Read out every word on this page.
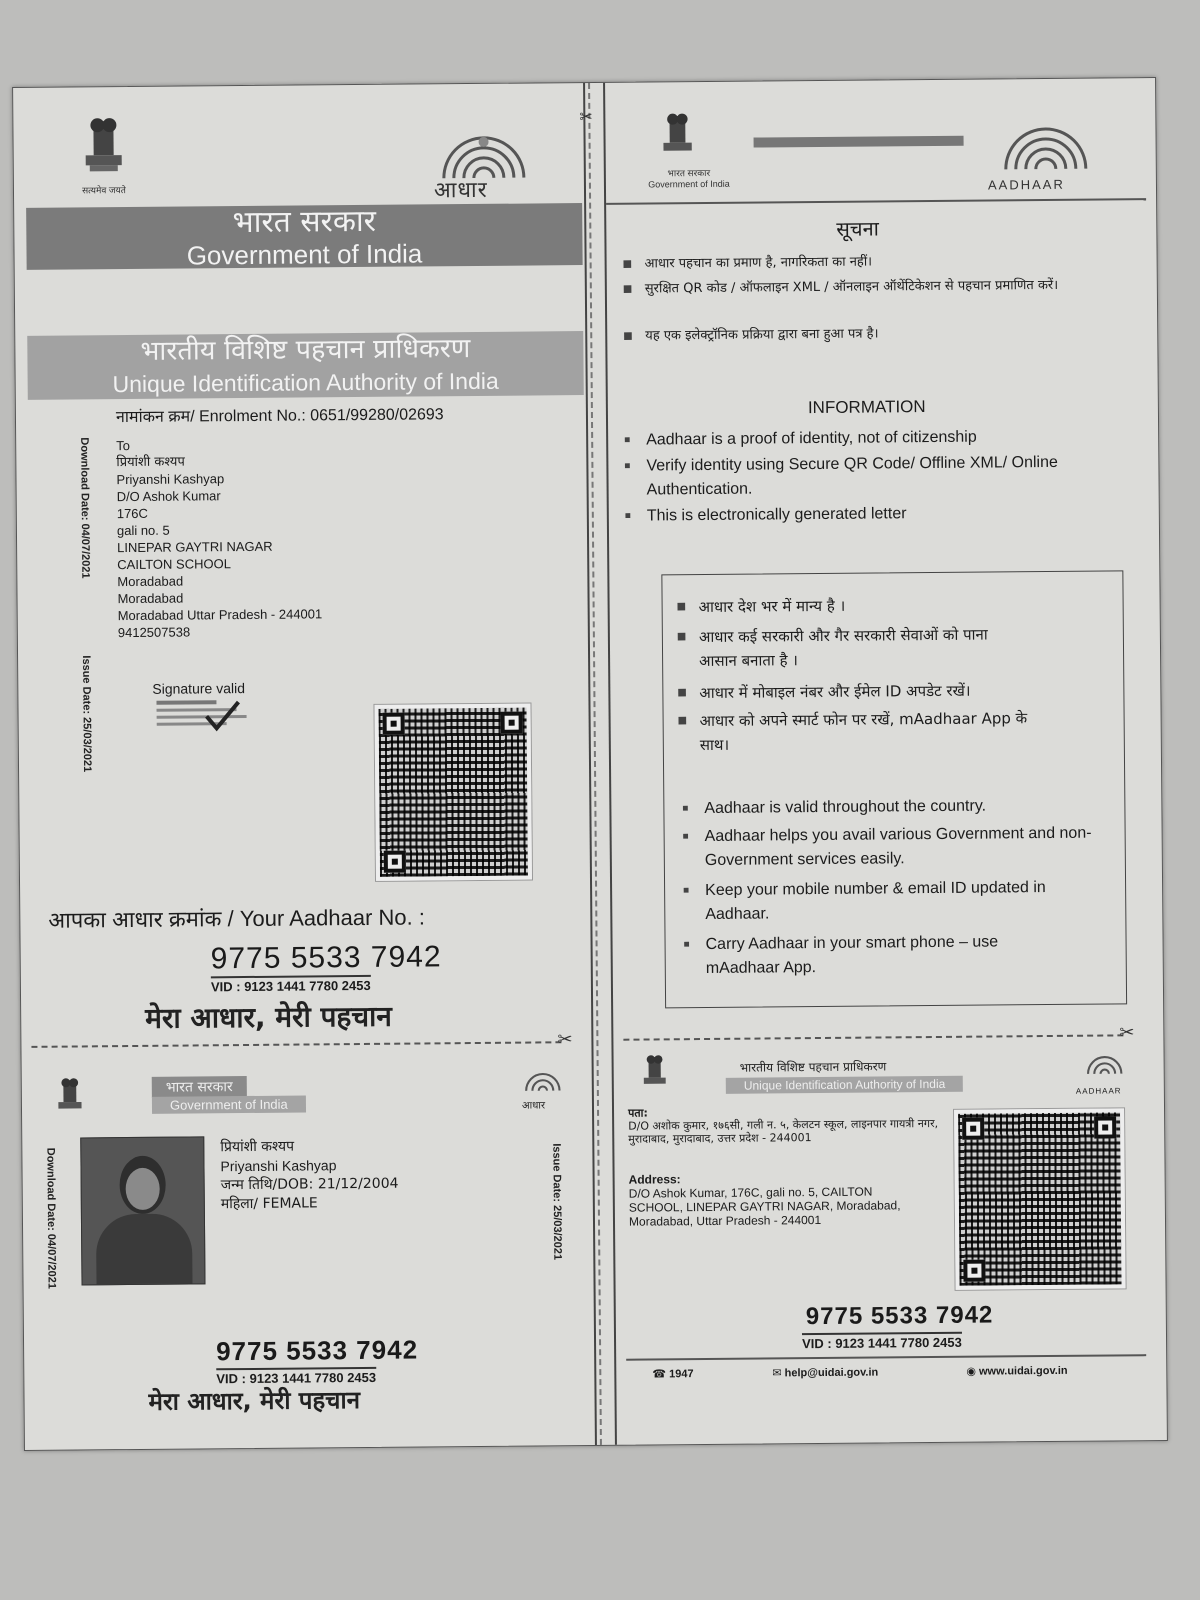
सत्यमेव जयते	आधार
भारत सरकार
Government of India
भारतीय विशिष्ट पहचान प्राधिकरण
Unique Identification Authority of India
नामांकन क्रम/ Enrolment No.: 0651/99280/02693
Download Date: 04/07/2021
Issue Date: 25/03/2021
To
प्रियांशी कश्यप
Priyanshi Kashyap
D/O Ashok Kumar
176C
gali no. 5
LINEPAR GAYTRI NAGAR
CAILTON SCHOOL
Moradabad
Moradabad
Moradabad Uttar Pradesh - 244001
9412507538
Signature valid
आपका आधार क्रमांक / Your Aadhaar No. :
9775 5533 7942
VID : 9123 1441 7780 2453
मेरा आधार, मेरी पहचान
✂
भारत सरकार
Government of India	आधार
Download Date: 04/07/2021	Issue Date: 25/03/2021
प्रियांशी कश्यप
Priyanshi Kashyap
जन्म तिथि/DOB: 21/12/2004
महिला/ FEMALE
9775 5533 7942
VID : 9123 1441 7780 2453
मेरा आधार, मेरी पहचान
✂
भारत सरकार
Government of India	AADHAAR
सूचना
■ आधार पहचान का प्रमाण है, नागरिकता का नहीं।
■ सुरक्षित QR कोड / ऑफलाइन XML / ऑनलाइन ऑथेंटिकेशन से पहचान प्रमाणित करें।
■ यह एक इलेक्ट्रॉनिक प्रक्रिया द्वारा बना हुआ पत्र है।
INFORMATION
■ Aadhaar is a proof of identity, not of citizenship
■ Verify identity using Secure QR Code/ Offline XML/ Online Authentication.
■ This is electronically generated letter
■ आधार देश भर में मान्य है ।
■ आधार कई सरकारी और गैर सरकारी सेवाओं को पाना आसान बनाता है ।
■ आधार में मोबाइल नंबर और ईमेल ID अपडेट रखें।
■ आधार को अपने स्मार्ट फोन पर रखें, mAadhaar App के साथ।
■ Aadhaar is valid throughout the country.
■ Aadhaar helps you avail various Government and non-Government services easily.
■ Keep your mobile number & email ID updated in Aadhaar.
■ Carry Aadhaar in your smart phone – use mAadhaar App.
✂
भारतीय विशिष्ट पहचान प्राधिकरण
Unique Identification Authority of India	AADHAAR
पता:
D/O अशोक कुमार, १७६सी, गली न. ५, केलटन स्कूल, लाइनपार गायत्री नगर, मुरादाबाद, मुरादाबाद, उत्तर प्रदेश - 244001
Address:
D/O Ashok Kumar, 176C, gali no. 5, CAILTON SCHOOL, LINEPAR GAYTRI NAGAR, Moradabad, Moradabad, Uttar Pradesh - 244001
9775 5533 7942
VID : 9123 1441 7780 2453
☎ 1947	✉ help@uidai.gov.in	◉ www.uidai.gov.in
